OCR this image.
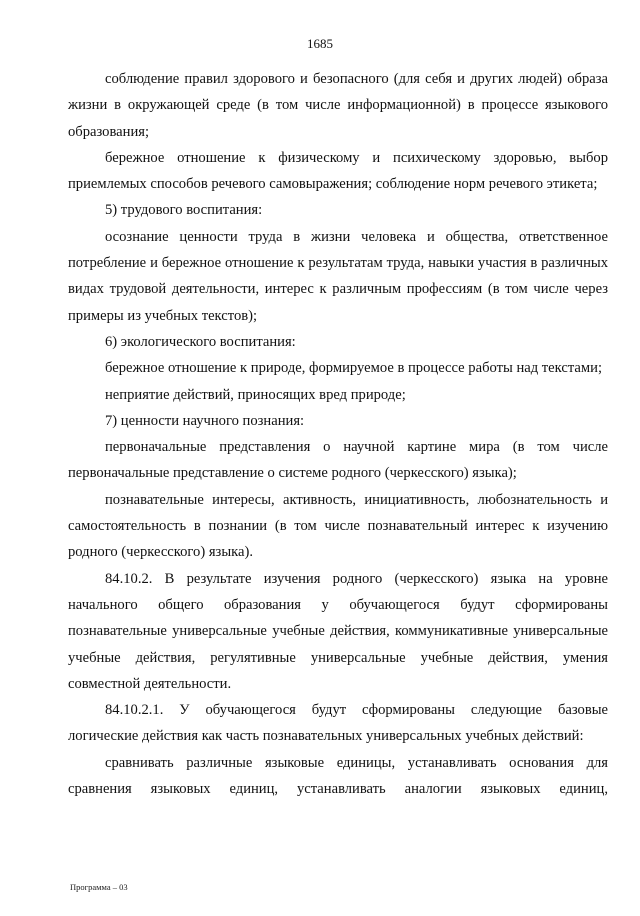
1685

соблюдение правил здорового и безопасного (для себя и других людей) образа жизни в окружающей среде (в том числе информационной) в процессе языкового образования;

бережное отношение к физическому и психическому здоровью, выбор приемлемых способов речевого самовыражения; соблюдение норм речевого этикета;

5) трудового воспитания:

осознание ценности труда в жизни человека и общества, ответственное потребление и бережное отношение к результатам труда, навыки участия в различных видах трудовой деятельности, интерес к различным профессиям (в том числе через примеры из учебных текстов);

6) экологического воспитания:

бережное отношение к природе, формируемое в процессе работы над текстами;

неприятие действий, приносящих вред природе;

7) ценности научного познания:

первоначальные представления о научной картине мира (в том числе первоначальные представление о системе родного (черкесского) языка);

познавательные интересы, активность, инициативность, любознательность и самостоятельность в познании (в том числе познавательный интерес к изучению родного (черкесского) языка).

84.10.2. В результате изучения родного (черкесского) языка на уровне начального общего образования у обучающегося будут сформированы познавательные универсальные учебные действия, коммуникативные универсальные учебные действия, регулятивные универсальные учебные действия, умения совместной деятельности.

84.10.2.1. У обучающегося будут сформированы следующие базовые логические действия как часть познавательных универсальных учебных действий:

сравнивать различные языковые единицы, устанавливать основания для сравнения языковых единиц, устанавливать аналогии языковых единиц,

Программа – 03
